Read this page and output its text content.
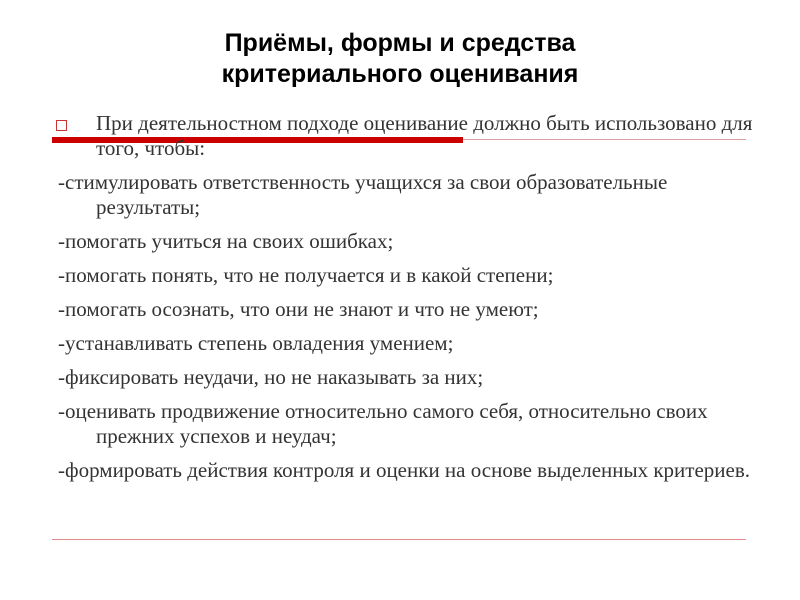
Приёмы, формы и средства
критериального оценивания

При деятельностном подходе оценивание должно быть использовано для того, чтобы:

-стимулировать ответственность учащихся за свои образовательные результаты;

-помогать учиться на своих ошибках;

-помогать понять, что не получается и в какой степени;

-помогать осознать, что они не знают и что не умеют;

-устанавливать степень овладения умением;

-фиксировать неудачи, но не наказывать за них;

-оценивать продвижение относительно самого себя, относительно своих прежних успехов и неудач;

-формировать действия контроля и оценки на основе выделенных критериев.
